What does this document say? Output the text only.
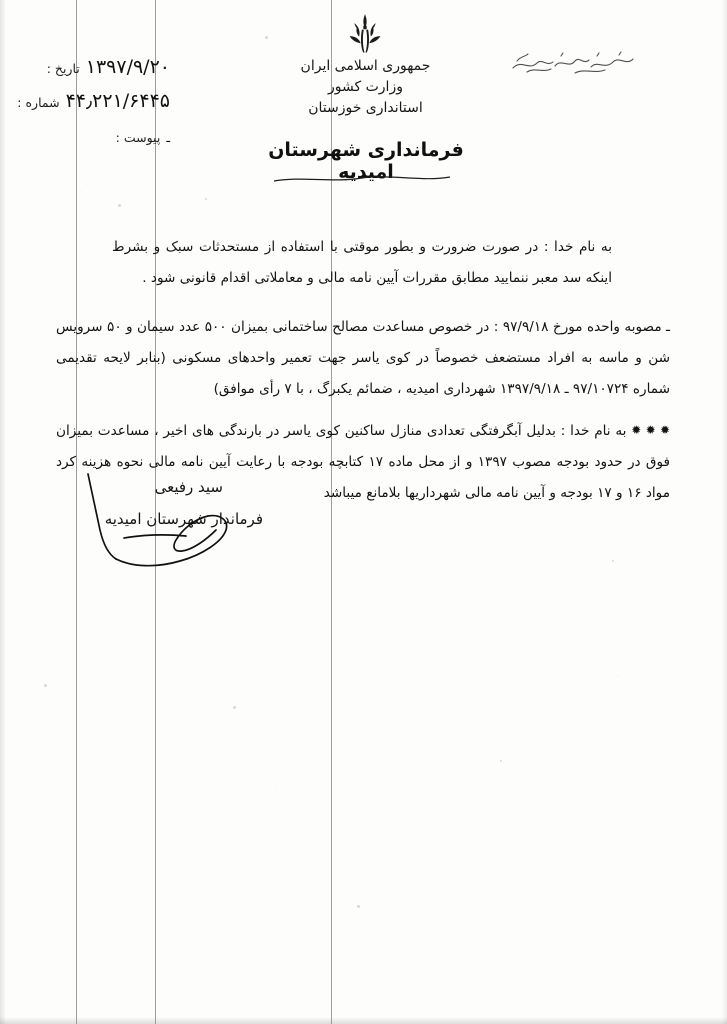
جمهوری اسلامی ایران
وزارت کشور
استانداری خوزستان
فرمانداری شهرستان امیدیه
تاریخ : ۱۳۹۷/۹/۲۰
شماره : ۴۴٫۲۲۱/۶۴۴۵
پیوست : ـ

به نام خدا : در صورت ضرورت و بطور موقتی با استفاده از مستحدثات سبک و بشرط اینکه سد معبر ننمایید مطابق مقررات آیین نامه مالی و معاملاتی اقدام قانونی شود .

ـ مصوبه واحده مورخ ۹۷/۹/۱۸ : در خصوص مساعدت مصالح ساختمانی بمیزان ۵۰۰ عدد سیمان و ۵۰ سرویس شن و ماسه به افراد مستضعف خصوصاً در کوی یاسر جهت تعمیر واحدهای مسکونی (بنابر لایحه تقدیمی شماره ۹۷/۱۰۷۲۴ ـ ۱۳۹۷/۹/۱۸ شهرداری امیدیه ، ضمائم یکبرگ ، با ۷ رأی موافق)

✹ ✹ ✹ به نام خدا : بدلیل آبگرفتگی تعدادی منازل ساکنین کوی یاسر در بارندگی های اخیر ، مساعدت بمیزان فوق در حدود بودجه مصوب ۱۳۹۷ و از محل ماده ۱۷ کتابچه بودجه با رعایت آیین نامه مالی نحوه هزینه کرد مواد ۱۶ و ۱۷ بودجه و آیین نامه مالی شهرداریها بلامانع میباشد

سید رفیعی
فرماندار شهرستان امیدیه
